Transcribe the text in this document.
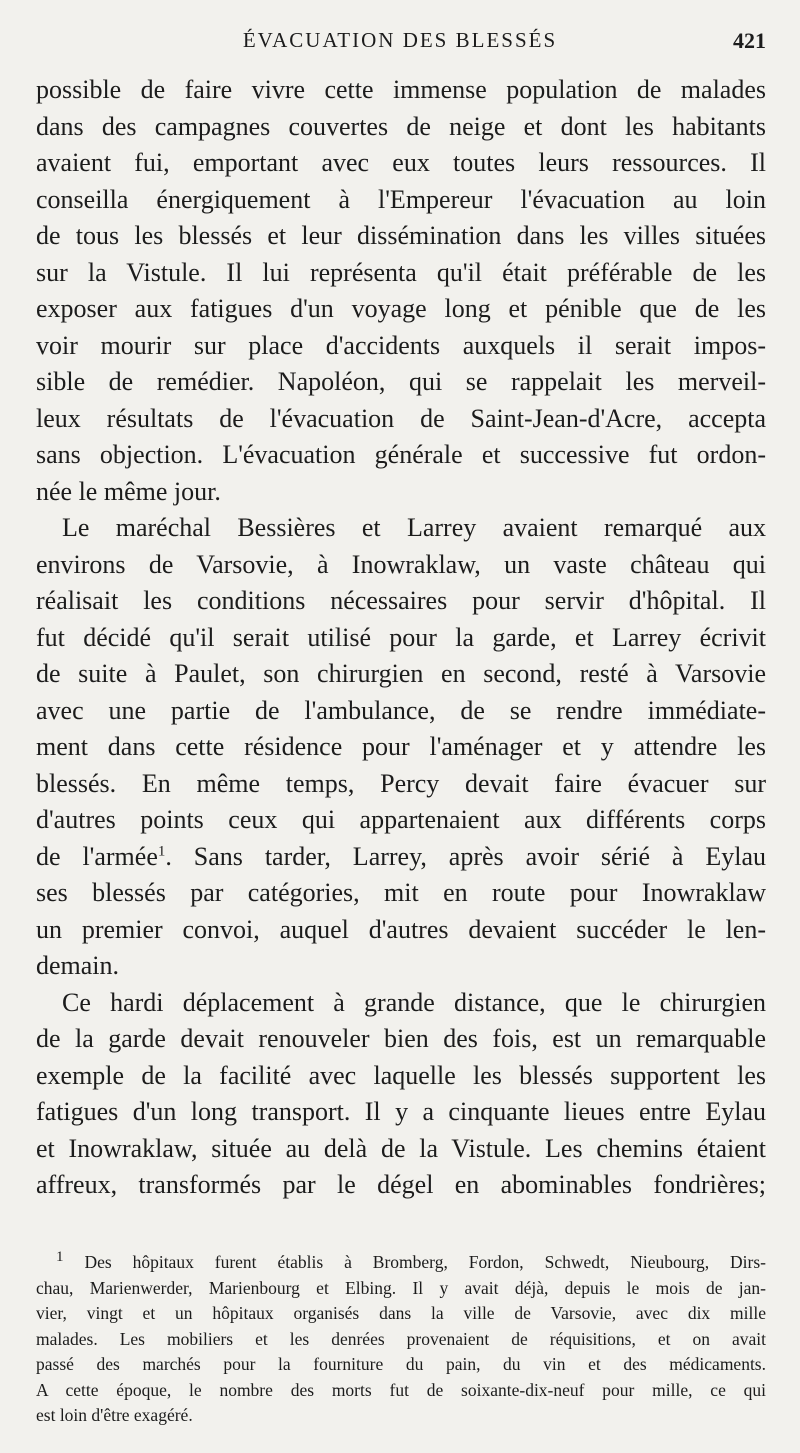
ÉVACUATION DES BLESSÉS	421
possible de faire vivre cette immense population de malades
dans des campagnes couvertes de neige et dont les habitants
avaient fui, emportant avec eux toutes leurs ressources. Il
conseilla énergiquement à l'Empereur l'évacuation au loin
de tous les blessés et leur dissémination dans les villes situées
sur la Vistule. Il lui représenta qu'il était préférable de les
exposer aux fatigues d'un voyage long et pénible que de les
voir mourir sur place d'accidents auxquels il serait impos-
sible de remédier. Napoléon, qui se rappelait les merveil-
leux résultats de l'évacuation de Saint-Jean-d'Acre, accepta
sans objection. L'évacuation générale et successive fut ordon-
née le même jour.
Le maréchal Bessières et Larrey avaient remarqué aux
environs de Varsovie, à Inowraklaw, un vaste château qui
réalisait les conditions nécessaires pour servir d'hôpital. Il
fut décidé qu'il serait utilisé pour la garde, et Larrey écrivit
de suite à Paulet, son chirurgien en second, resté à Varsovie
avec une partie de l'ambulance, de se rendre immédiate-
ment dans cette résidence pour l'aménager et y attendre les
blessés. En même temps, Percy devait faire évacuer sur
d'autres points ceux qui appartenaient aux différents corps
de l'armée$^1$. Sans tarder, Larrey, après avoir sérié à Eylau
ses blessés par catégories, mit en route pour Inowraklaw
un premier convoi, auquel d'autres devaient succéder le len-
demain.
Ce hardi déplacement à grande distance, que le chirurgien
de la garde devait renouveler bien des fois, est un remarquable
exemple de la facilité avec laquelle les blessés supportent les
fatigues d'un long transport. Il y a cinquante lieues entre Eylau
et Inowraklaw, située au delà de la Vistule. Les chemins étaient
affreux, transformés par le dégel en abominables fondrières;
1 Des hôpitaux furent établis à Bromberg, Fordon, Schwedt, Nieubourg, Dirs-
chau, Marienwerder, Marienbourg et Elbing. Il y avait déjà, depuis le mois de jan-
vier, vingt et un hôpitaux organisés dans la ville de Varsovie, avec dix mille
malades. Les mobiliers et les denrées provenaient de réquisitions, et on avait
passé des marchés pour la fourniture du pain, du vin et des médicaments.
A cette époque, le nombre des morts fut de soixante-dix-neuf pour mille, ce qui
est loin d'être exagéré.
